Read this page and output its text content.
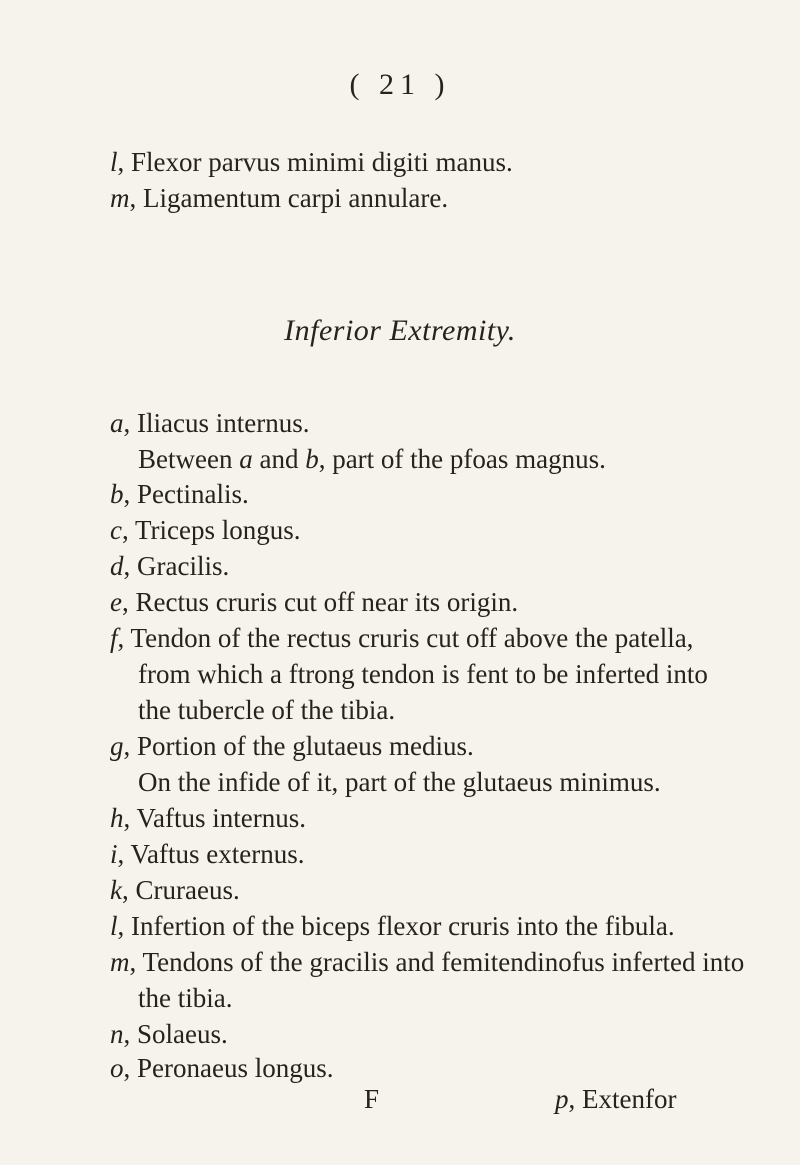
( 21 )
l, Flexor parvus minimi digiti manus.
m, Ligamentum carpi annulare.
Inferior Extremity.
a, Iliacus internus.
Between a and b, part of the pfoas magnus.
b, Pectinalis.
c, Triceps longus.
d, Gracilis.
e, Rectus cruris cut off near its origin.
f, Tendon of the rectus cruris cut off above the patella,
from which a ftrong tendon is fent to be inferted into
the tubercle of the tibia.
g, Portion of the glutaeus medius.
On the infide of it, part of the glutaeus minimus.
h, Vaftus internus.
i, Vaftus externus.
k, Cruraeus.
l, Infertion of the biceps flexor cruris into the fibula.
m, Tendons of the gracilis and femitendinofus inferted into
the tibia.
n, Solaeus.
o, Peronaeus longus.
F	p, Extenfor
